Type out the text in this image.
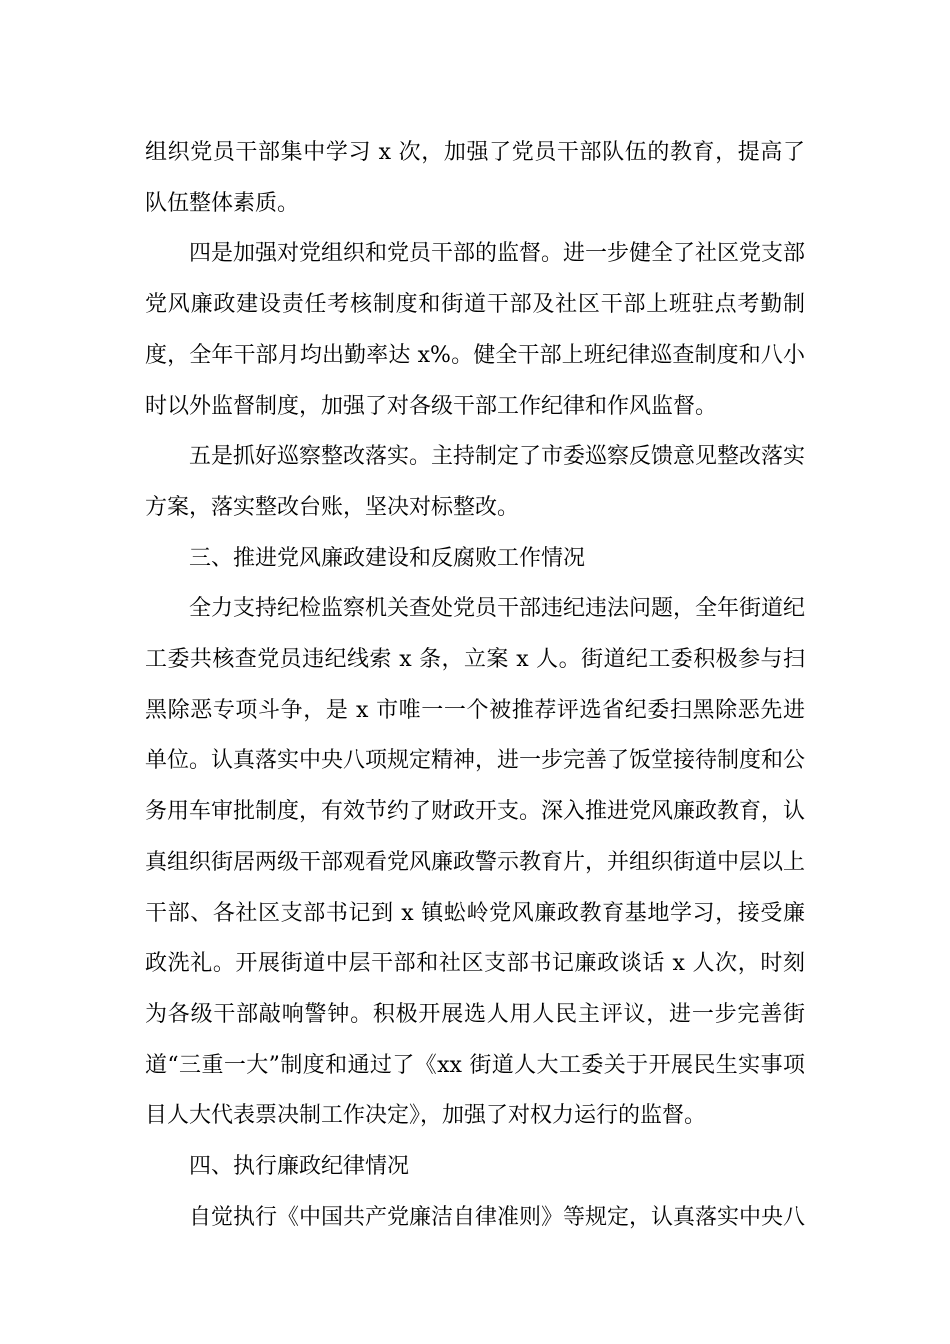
组织党员干部集中学习 x 次，加强了党员干部队伍的教育，提高了队伍整体素质。

四是加强对党组织和党员干部的监督。进一步健全了社区党支部党风廉政建设责任考核制度和街道干部及社区干部上班驻点考勤制度，全年干部月均出勤率达 x%。健全干部上班纪律巡查制度和八小时以外监督制度，加强了对各级干部工作纪律和作风监督。

五是抓好巡察整改落实。主持制定了市委巡察反馈意见整改落实方案，落实整改台账，坚决对标整改。

三、推进党风廉政建设和反腐败工作情况

全力支持纪检监察机关查处党员干部违纪违法问题，全年街道纪工委共核查党员违纪线索 x 条，立案 x 人。街道纪工委积极参与扫黑除恶专项斗争，是 x 市唯一一个被推荐评选省纪委扫黑除恶先进单位。认真落实中央八项规定精神，进一步完善了饭堂接待制度和公务用车审批制度，有效节约了财政开支。深入推进党风廉政教育，认真组织街居两级干部观看党风廉政警示教育片，并组织街道中层以上干部、各社区支部书记到 x 镇蚣岭党风廉政教育基地学习，接受廉政洗礼。开展街道中层干部和社区支部书记廉政谈话 x 人次，时刻为各级干部敲响警钟。积极开展选人用人民主评议，进一步完善街道“三重一大”制度和通过了《xx 街道人大工委关于开展民生实事项目人大代表票决制工作决定》，加强了对权力运行的监督。

四、执行廉政纪律情况

自觉执行《中国共产党廉洁自律准则》等规定，认真落实中央八
